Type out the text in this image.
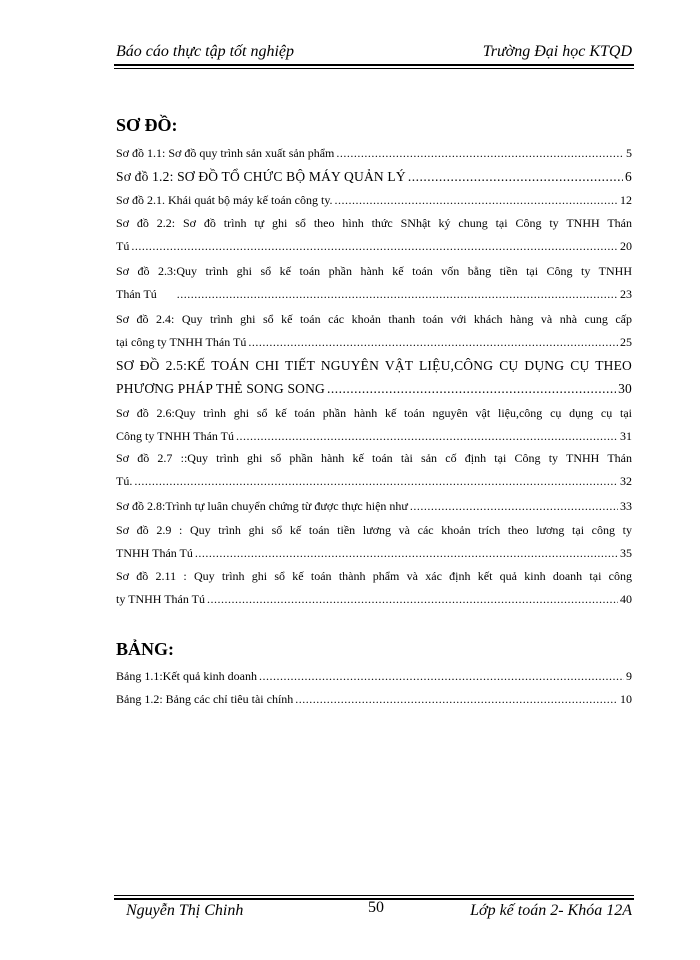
Báo cáo thực tập tốt nghiệp	Trường Đại học KTQD
SƠ ĐỒ:
Sơ đồ 1.1: Sơ đồ quy trình sản xuất sản phẩm .....	5
Sơ đồ 1.2: SƠ ĐỒ TỔ CHỨC BỘ MÁY QUẢN LÝ .....	6
Sơ đồ 2.1. Khái quát bộ máy kế toán công ty. .....	12
Sơ đồ 2.2: Sơ đồ trình tự ghi sổ theo hình thức SNhật ký chung tại Công ty TNHH Thán
Tú .....	20
Sơ đồ 2.3:Quy trình ghi sổ kế toán phần hành kế toán vốn bằng tiền tại Công ty TNHH
Thán Tú .....	23
Sơ đồ 2.4: Quy trình ghi sổ kế toán các khoản thanh toán với khách hàng và nhà cung cấp
tại công ty TNHH Thán Tú .....	25
SƠ ĐỒ 2.5:KẾ TOÁN CHI TIẾT NGUYÊN VẬT LIỆU,CÔNG CỤ DỤNG CỤ THEO
PHƯƠNG PHÁP THẺ SONG SONG .....	30
Sơ đồ 2.6:Quy trình ghi sổ kế toán phần hành kế toán nguyên vật liệu,công cụ dụng cụ tại
Công ty TNHH Thán Tú .....	31
Sơ đồ 2.7 ::Quy trình ghi sổ phần hành kế toán tài sản cố định tại Công ty TNHH Thán
Tú. .....	32
Sơ đồ 2.8:Trình tự luân chuyển chứng từ được thực hiện như .....	33
Sơ đồ 2.9 : Quy trình ghi sổ kế toán tiền lương và các khoản trích theo lương tại công ty
TNHH Thán Tú .....	35
Sơ đồ 2.11 : Quy trình ghi sổ kế toán thành phẩm và xác định kết quả kinh doanh tại công
ty TNHH Thán Tú .....	40
BẢNG:
Bảng 1.1:Kết quả kinh doanh .....	9
Bảng 1.2: Bảng các chỉ tiêu tài chính .....	10
Nguyễn Thị Chinh	50	Lớp kế toán 2- Khóa 12A
